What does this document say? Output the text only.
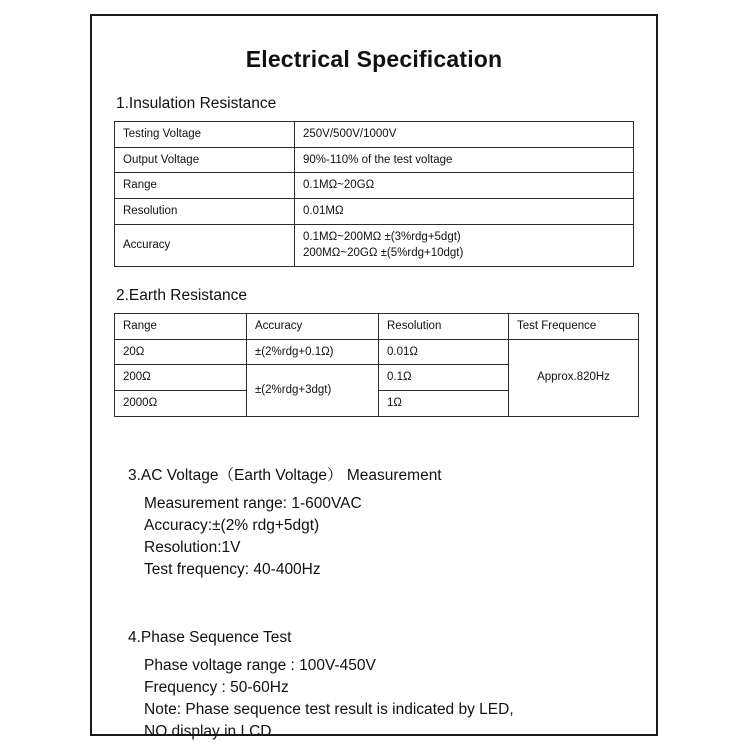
Electrical Specification
1.Insulation Resistance
Testing Voltage	250V/500V/1000V
Output Voltage	90%-110% of the test voltage
Range	0.1MΩ~20GΩ
Resolution	0.01MΩ
Accuracy	0.1MΩ~200MΩ ±(3%rdg+5dgt)
200MΩ~20GΩ ±(5%rdg+10dgt)
2.Earth Resistance
Range	Accuracy	Resolution	Test Frequence
20Ω	±(2%rdg+0.1Ω)	0.01Ω	Approx.820Hz
200Ω	±(2%rdg+3dgt)	0.1Ω	
2000Ω		1Ω	
3.AC Voltage（Earth Voltage） Measurement
Measurement range: 1-600VAC
Accuracy:±(2% rdg+5dgt)
Resolution:1V
Test frequency: 40-400Hz
4.Phase Sequence Test
Phase voltage range : 100V-450V
Frequency : 50-60Hz
Note: Phase sequence test result is indicated by LED,
NO display in LCD.
